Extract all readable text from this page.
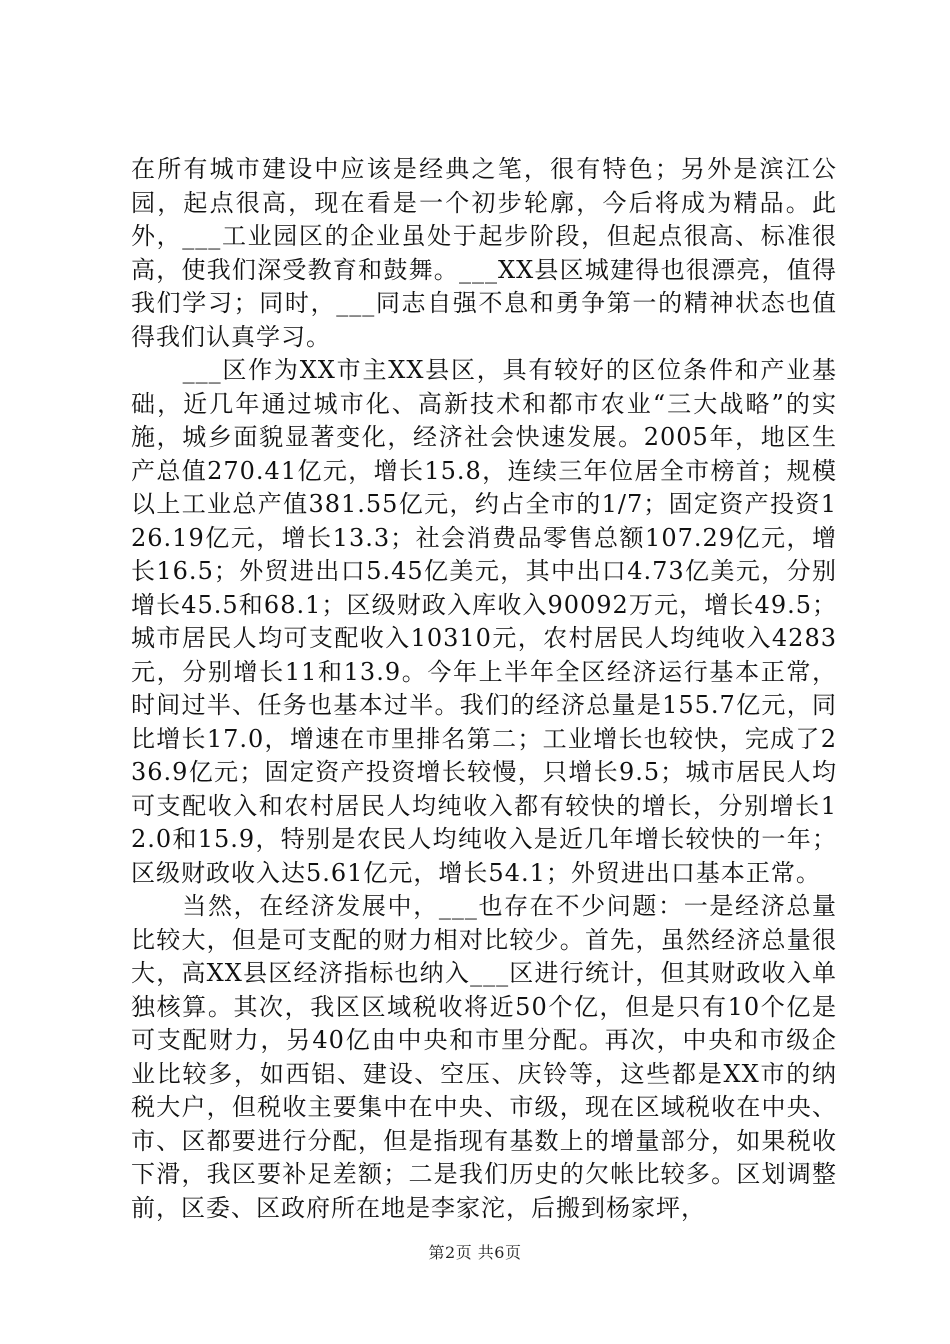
在所有城市建设中应该是经典之笔，很有特色；另外是滨江公园，起点很高，现在看是一个初步轮廓，今后将成为精品。此外，___工业园区的企业虽处于起步阶段，但起点很高、标准很高，使我们深受教育和鼓舞。___XX县区城建得也很漂亮，值得我们学习；同时，___同志自强不息和勇争第一的精神状态也值得我们认真学习。

　　___区作为XX市主XX县区，具有较好的区位条件和产业基础，近几年通过城市化、高新技术和都市农业“三大战略”的实施，城乡面貌显著变化，经济社会快速发展。2005年，地区生产总值270.41亿元，增长15.8，连续三年位居全市榜首；规模以上工业总产值381.55亿元，约占全市的1/7；固定资产投资126.19亿元，增长13.3；社会消费品零售总额107.29亿元，增长16.5；外贸进出口5.45亿美元，其中出口4.73亿美元，分别增长45.5和68.1；区级财政入库收入90092万元，增长49.5；城市居民人均可支配收入10310元，农村居民人均纯收入4283元，分别增长11和13.9。今年上半年全区经济运行基本正常，时间过半、任务也基本过半。我们的经济总量是155.7亿元，同比增长17.0，增速在市里排名第二；工业增长也较快，完成了236.9亿元；固定资产投资增长较慢，只增长9.5；城市居民人均可支配收入和农村居民人均纯收入都有较快的增长，分别增长12.0和15.9，特别是农民人均纯收入是近几年增长较快的一年；区级财政收入达5.61亿元，增长54.1；外贸进出口基本正常。

　　当然，在经济发展中，___也存在不少问题：一是经济总量比较大，但是可支配的财力相对比较少。首先，虽然经济总量很大，高XX县区经济指标也纳入___区进行统计，但其财政收入单独核算。其次，我区区域税收将近50个亿，但是只有10个亿是可支配财力，另40亿由中央和市里分配。再次，中央和市级企业比较多，如西铝、建设、空压、庆铃等，这些都是XX市的纳税大户，但税收主要集中在中央、市级，现在区域税收在中央、市、区都要进行分配，但是指现有基数上的增量部分，如果税收下滑，我区要补足差额；二是我们历史的欠帐比较多。区划调整前，区委、区政府所在地是李家沱，后搬到杨家坪，

第2页 共6页
